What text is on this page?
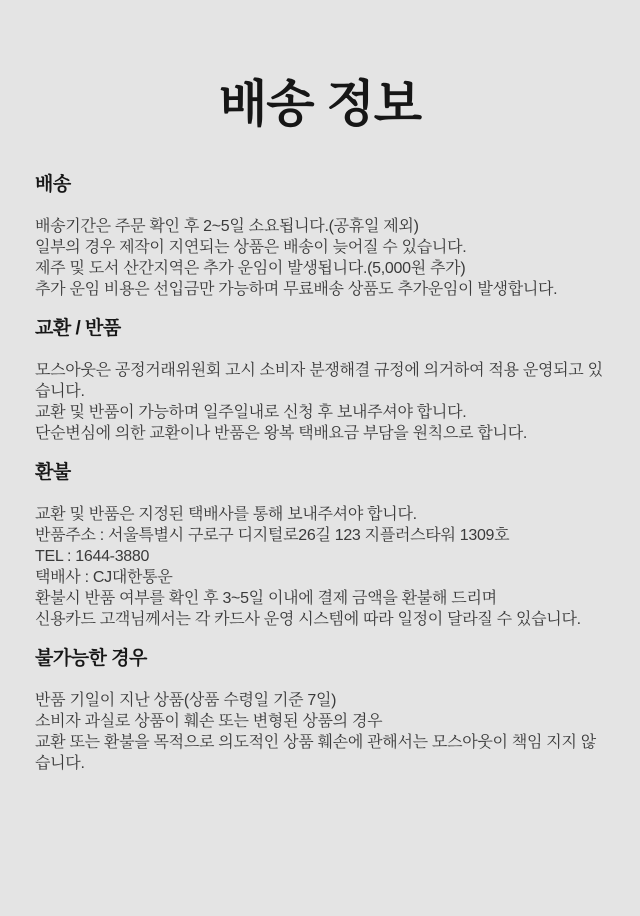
배송 정보
배송
배송기간은 주문 확인 후 2~5일 소요됩니다.(공휴일 제외)
일부의 경우 제작이 지연되는 상품은 배송이 늦어질 수 있습니다.
제주 및 도서 산간지역은 추가 운임이 발생됩니다.(5,000원 추가)
추가 운임 비용은 선입금만 가능하며 무료배송 상품도 추가운임이 발생합니다.
교환 / 반품
모스아웃은 공정거래위원회 고시 소비자 분쟁해결 규정에 의거하여 적용 운영되고 있습니다.
교환 및 반품이 가능하며 일주일내로 신청 후 보내주셔야 합니다.
단순변심에 의한 교환이나 반품은 왕복 택배요금 부담을 원칙으로 합니다.
환불
교환 및 반품은 지정된 택배사를 통해 보내주셔야 합니다.
반품주소 : 서울특별시 구로구 디지털로26길 123 지플러스타워 1309호
TEL : 1644-3880
택배사 : CJ대한통운
환불시 반품 여부를 확인 후 3~5일 이내에 결제 금액을 환불해 드리며
신용카드 고객님께서는 각 카드사 운영 시스템에 따라 일정이 달라질 수 있습니다.
불가능한 경우
반품 기일이 지난 상품(상품 수령일 기준 7일)
소비자 과실로 상품이 훼손 또는 변형된 상품의 경우
교환 또는 환불을 목적으로 의도적인 상품 훼손에 관해서는 모스아웃이 책임 지지 않습니다.
